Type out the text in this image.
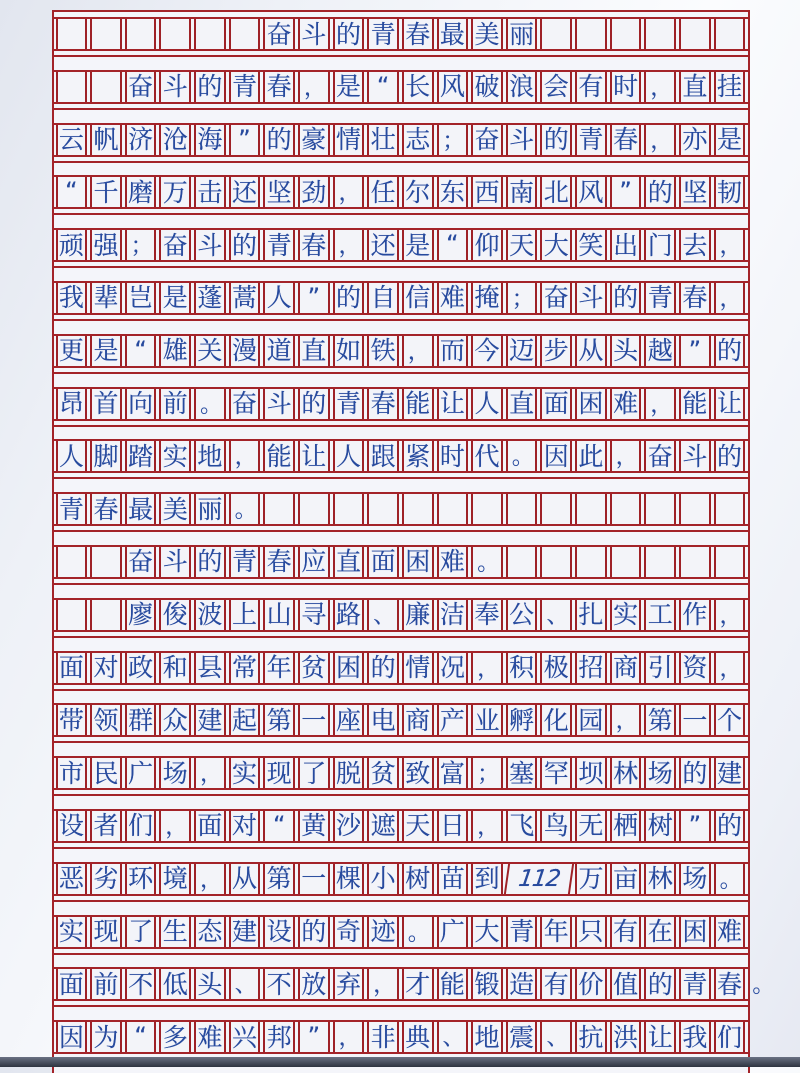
奋 斗 的 青 春 最 美 丽
奋 斗 的 青 春 ， 是 “ 长 风 破 浪 会 有 时 ， 直 挂
云 帆 济 沧 海 ” 的 豪 情 壮 志 ； 奋 斗 的 青 春 ， 亦 是
“ 千 磨 万 击 还 坚 劲 ， 任 尔 东 西 南 北 风 ” 的 坚 韧
顽 强 ； 奋 斗 的 青 春 ， 还 是 “ 仰 天 大 笑 出 门 去 ，
我 辈 岂 是 蓬 蒿 人 ” 的 自 信 难 掩 ； 奋 斗 的 青 春 ，
更 是 “ 雄 关 漫 道 直 如 铁 ， 而 今 迈 步 从 头 越 ” 的
昂 首 向 前 。 奋 斗 的 青 春 能 让 人 直 面 困 难 ， 能 让
人 脚 踏 实 地 ， 能 让 人 跟 紧 时 代 。 因 此 ， 奋 斗 的
青 春 最 美 丽 。
奋 斗 的 青 春 应 直 面 困 难 。
廖 俊 波 上 山 寻 路 、 廉 洁 奉 公 、 扎 实 工 作 ，
面 对 政 和 县 常 年 贫 困 的 情 况 ， 积 极 招 商 引 资 ，
带 领 群 众 建 起 第 一 座 电 商 产 业 孵 化 园 ， 第 一 个
市 民 广 场 ， 实 现 了 脱 贫 致 富 ； 塞 罕 坝 林 场 的 建
设 者 们 ， 面 对 “ 黄 沙 遮 天 日 ， 飞 鸟 无 栖 树 ” 的
恶 劣 环 境 ， 从 第 一 棵 小 树 苗 到 112 万 亩 林 场 。
实 现 了 生 态 建 设 的 奇 迹 。 广 大 青 年 只 有 在 困 难
面 前 不 低 头 、 不 放 弃 ， 才 能 锻 造 有 价 值 的 青 春 。
因 为 “ 多 难 兴 邦 ” ， 非 典 、 地 震 、 抗 洪 让 我 们
